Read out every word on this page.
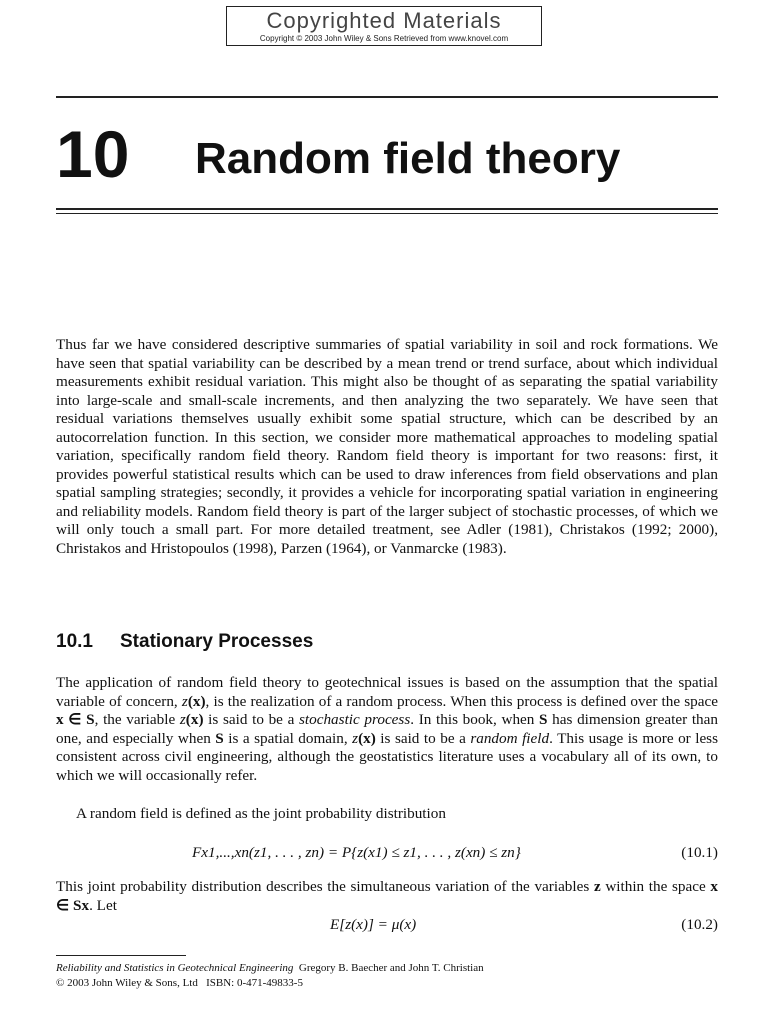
Copyrighted Materials
Copyright © 2003 John Wiley & Sons Retrieved from www.knovel.com
10 Random field theory
Thus far we have considered descriptive summaries of spatial variability in soil and rock formations. We have seen that spatial variability can be described by a mean trend or trend surface, about which individual measurements exhibit residual variation. This might also be thought of as separating the spatial variability into large-scale and small-scale increments, and then analyzing the two separately. We have seen that residual variations themselves usually exhibit some spatial structure, which can be described by an autocorrelation function. In this section, we consider more mathematical approaches to modeling spatial variation, specifically random field theory. Random field theory is important for two reasons: first, it provides powerful statistical results which can be used to draw inferences from field observations and plan spatial sampling strategies; secondly, it provides a vehicle for incorporating spatial variation in engineering and reliability models. Random field theory is part of the larger subject of stochastic processes, of which we will only touch a small part. For more detailed treatment, see Adler (1981), Christakos (1992; 2000), Christakos and Hristopoulos (1998), Parzen (1964), or Vanmarcke (1983).
10.1 Stationary Processes
The application of random field theory to geotechnical issues is based on the assumption that the spatial variable of concern, z(x), is the realization of a random process. When this process is defined over the space x ∈ S, the variable z(x) is said to be a stochastic process. In this book, when S has dimension greater than one, and especially when S is a spatial domain, z(x) is said to be a random field. This usage is more or less consistent across civil engineering, although the geostatistics literature uses a vocabulary all of its own, to which we will occasionally refer.
A random field is defined as the joint probability distribution
Fx1,...,xn(z1, . . . , zn) = P{z(x1) ≤ z1, . . . , z(xn) ≤ zn}	(10.1)
This joint probability distribution describes the simultaneous variation of the variables z within the space x ∈ Sx. Let
E[z(x)] = μ(x)	(10.2)
Reliability and Statistics in Geotechnical Engineering Gregory B. Baecher and John T. Christian
© 2003 John Wiley & Sons, Ltd ISBN: 0-471-49833-5
